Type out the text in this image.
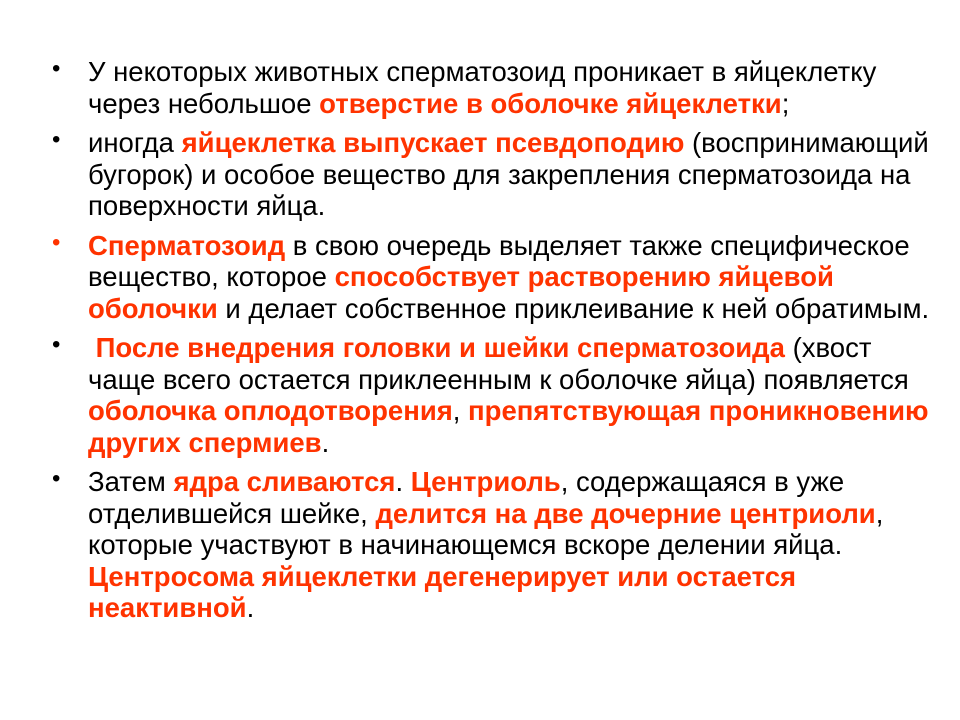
• У некоторых животных сперматозоид проникает в яйцеклетку через небольшое отверстие в оболочке яйцеклетки;
• иногда яйцеклетка выпускает псевдоподию (воспринимающий бугорок) и особое вещество для закрепления сперматозоида на поверхности яйца.
• Сперматозоид в свою очередь выделяет также специфическое вещество, которое способствует растворению яйцевой оболочки и делает собственное приклеивание к ней обратимым.
• После внедрения головки и шейки сперматозоида (хвост чаще всего остается приклеенным к оболочке яйца) появляется оболочка оплодотворения, препятствующая проникновению других спермиев.
• Затем ядра сливаются. Центриоль, содержащаяся в уже отделившейся шейке, делится на две дочерние центриоли, которые участвуют в начинающемся вскоре делении яйца. Центросома яйцеклетки дегенерирует или остается неактивной.
